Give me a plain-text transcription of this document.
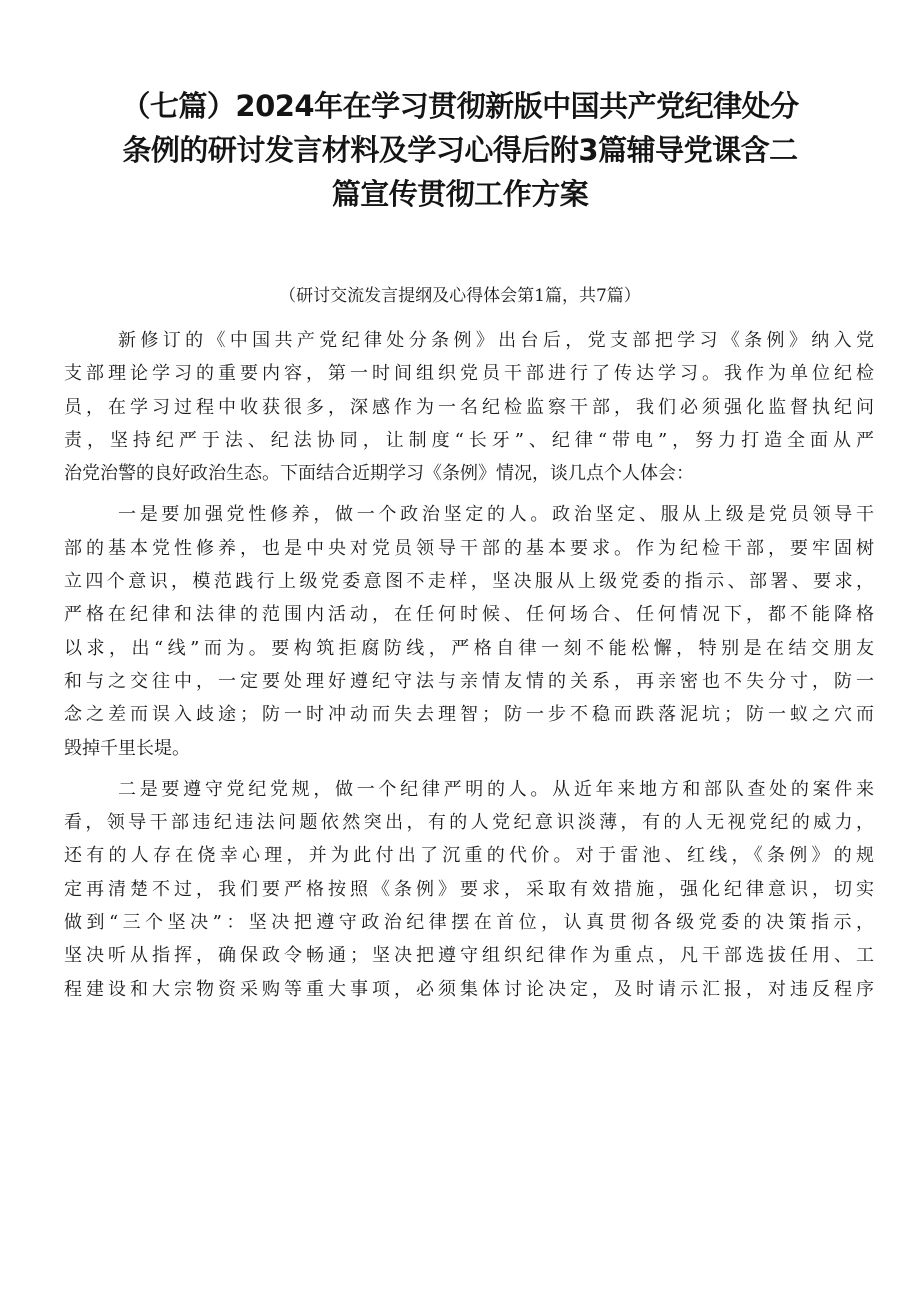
（七篇）2024年在学习贯彻新版中国共产党纪律处分
条例的研讨发言材料及学习心得后附3篇辅导党课含二
篇宣传贯彻工作方案

（研讨交流发言提纲及心得体会第1篇，共7篇）

新修订的《中国共产党纪律处分条例》出台后，党支部把学习《条例》纳入党
支部理论学习的重要内容，第一时间组织党员干部进行了传达学习。我作为单位纪检
员，在学习过程中收获很多，深感作为一名纪检监察干部，我们必须强化监督执纪问
责，坚持纪严于法、纪法协同，让制度“长牙”、纪律“带电”，努力打造全面从严
治党治警的良好政治生态。下面结合近期学习《条例》情况，谈几点个人体会：

一是要加强党性修养，做一个政治坚定的人。政治坚定、服从上级是党员领导干
部的基本党性修养，也是中央对党员领导干部的基本要求。作为纪检干部，要牢固树
立四个意识，模范践行上级党委意图不走样，坚决服从上级党委的指示、部署、要求，
严格在纪律和法律的范围内活动，在任何时候、任何场合、任何情况下，都不能降格
以求，出“线”而为。要构筑拒腐防线，严格自律一刻不能松懈，特别是在结交朋友
和与之交往中，一定要处理好遵纪守法与亲情友情的关系，再亲密也不失分寸，防一
念之差而误入歧途；防一时冲动而失去理智；防一步不稳而跌落泥坑；防一蚁之穴而
毁掉千里长堤。

二是要遵守党纪党规，做一个纪律严明的人。从近年来地方和部队查处的案件来
看，领导干部违纪违法问题依然突出，有的人党纪意识淡薄，有的人无视党纪的威力，
还有的人存在侥幸心理，并为此付出了沉重的代价。对于雷池、红线，《条例》的规
定再清楚不过，我们要严格按照《条例》要求，采取有效措施，强化纪律意识，切实
做到“三个坚决”：坚决把遵守政治纪律摆在首位，认真贯彻各级党委的决策指示，
坚决听从指挥，确保政令畅通；坚决把遵守组织纪律作为重点，凡干部选拔任用、工
程建设和大宗物资采购等重大事项，必须集体讨论决定，及时请示汇报，对违反程序
